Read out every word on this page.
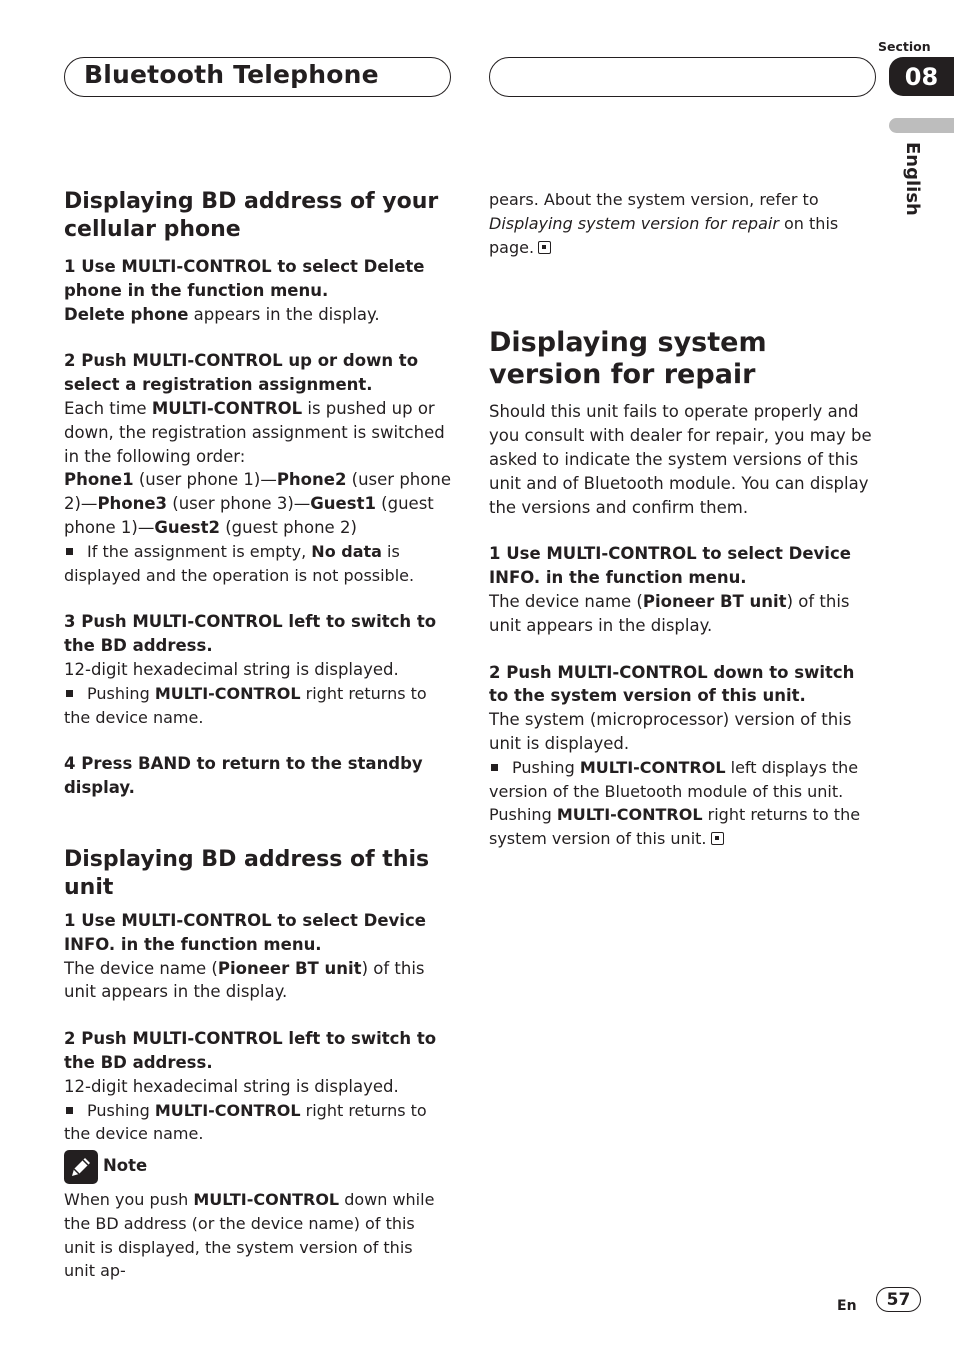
Bluetooth Telephone
Section
08
English

Displaying BD address of your cellular phone

1 Use MULTI-CONTROL to select Delete phone in the function menu.

Delete phone appears in the display.

2 Push MULTI-CONTROL up or down to select a registration assignment.

Each time MULTI-CONTROL is pushed up or down, the registration assignment is switched in the following order:

Phone1 (user phone 1)—Phone2 (user phone 2)—Phone3 (user phone 3)—Guest1 (guest phone 1)—Guest2 (guest phone 2)

If the assignment is empty, No data is displayed and the operation is not possible.

3 Push MULTI-CONTROL left to switch to the BD address.

12-digit hexadecimal string is displayed.

Pushing MULTI-CONTROL right returns to the device name.

4 Press BAND to return to the standby display.

Displaying BD address of this unit

1 Use MULTI-CONTROL to select Device INFO. in the function menu.

The device name (Pioneer BT unit) of this unit appears in the display.

2 Push MULTI-CONTROL left to switch to the BD address.

12-digit hexadecimal string is displayed.

Pushing MULTI-CONTROL right returns to the device name.

Note

When you push MULTI-CONTROL down while the BD address (or the device name) of this unit is displayed, the system version of this unit ap-

pears. About the system version, refer to Displaying system version for repair on this page.

Displaying system version for repair

Should this unit fails to operate properly and you consult with dealer for repair, you may be asked to indicate the system versions of this unit and of Bluetooth module. You can display the versions and confirm them.

1 Use MULTI-CONTROL to select Device INFO. in the function menu.

The device name (Pioneer BT unit) of this unit appears in the display.

2 Push MULTI-CONTROL down to switch to the system version of this unit.

The system (microprocessor) version of this unit is displayed.

Pushing MULTI-CONTROL left displays the version of the Bluetooth module of this unit. Pushing MULTI-CONTROL right returns to the system version of this unit.

En	57
